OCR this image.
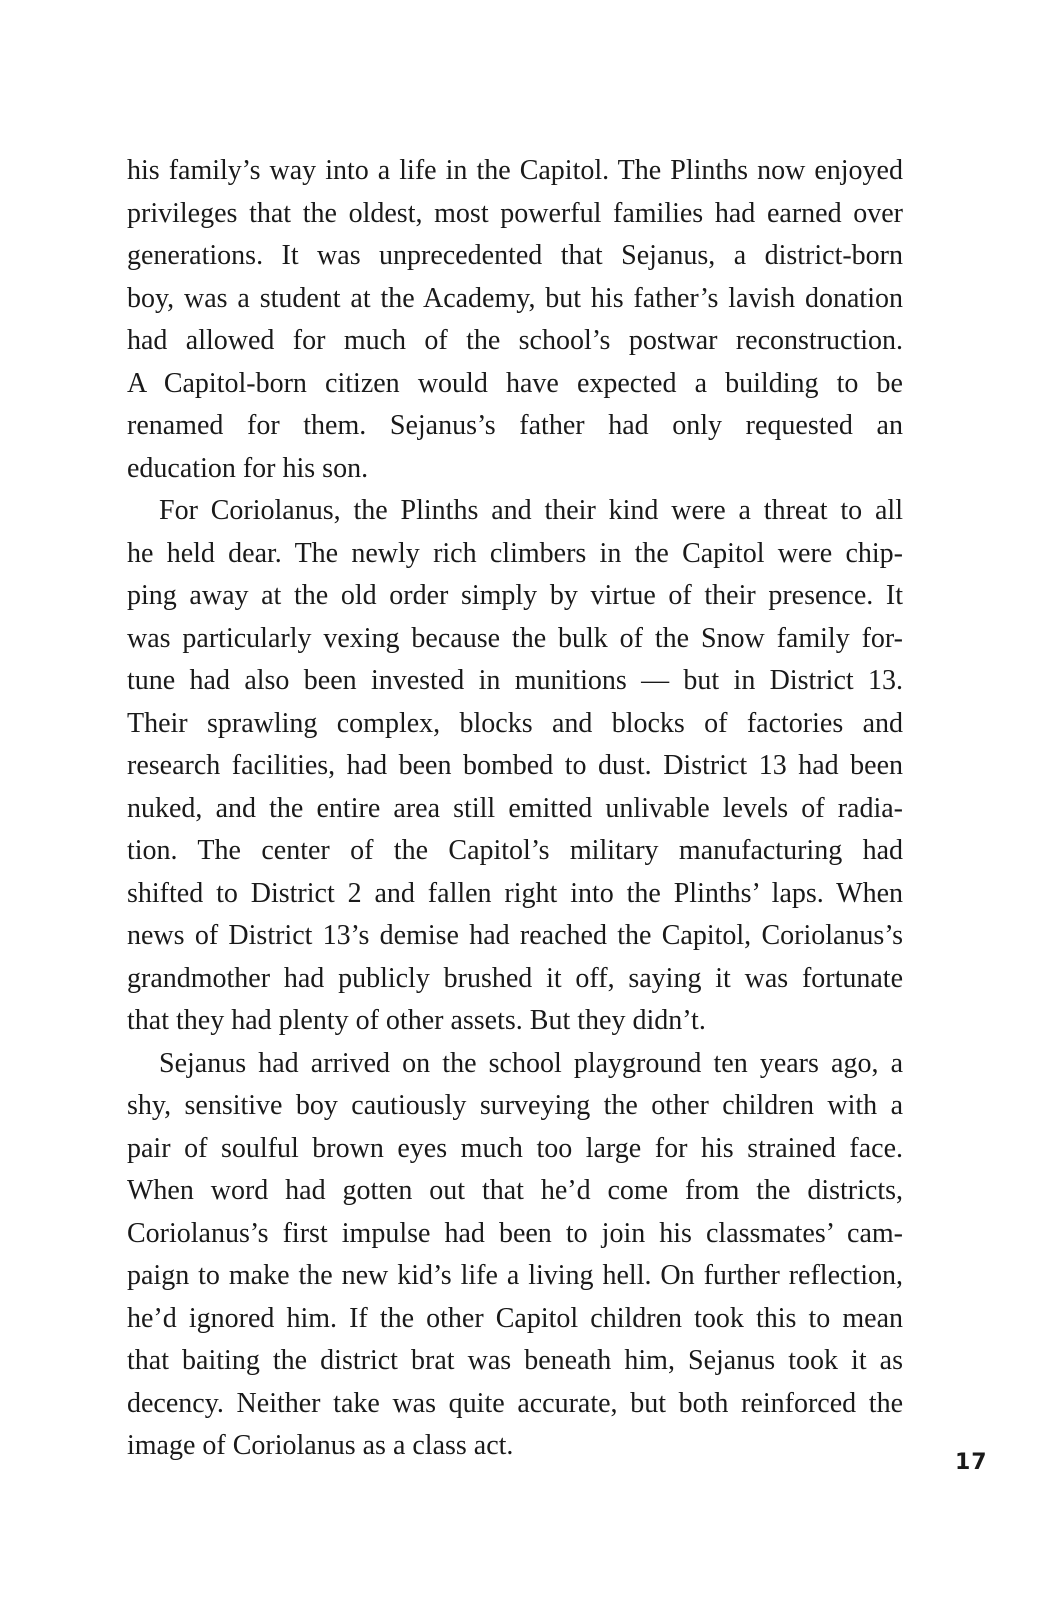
his family’s way into a life in the Capitol. The Plinths now enjoyed
privileges that the oldest, most powerful families had earned over
generations. It was unprecedented that Sejanus, a district-born
boy, was a student at the Academy, but his father’s lavish donation
had allowed for much of the school’s postwar reconstruction.
A Capitol-born citizen would have expected a building to be
renamed for them. Sejanus’s father had only requested an
education for his son.
For Coriolanus, the Plinths and their kind were a threat to all
he held dear. The newly rich climbers in the Capitol were chip-
ping away at the old order simply by virtue of their presence. It
was particularly vexing because the bulk of the Snow family for-
tune had also been invested in munitions — but in District 13.
Their sprawling complex, blocks and blocks of factories and
research facilities, had been bombed to dust. District 13 had been
nuked, and the entire area still emitted unlivable levels of radia-
tion. The center of the Capitol’s military manufacturing had
shifted to District 2 and fallen right into the Plinths’ laps. When
news of District 13’s demise had reached the Capitol, Coriolanus’s
grandmother had publicly brushed it off, saying it was fortunate
that they had plenty of other assets. But they didn’t.
Sejanus had arrived on the school playground ten years ago, a
shy, sensitive boy cautiously surveying the other children with a
pair of soulful brown eyes much too large for his strained face.
When word had gotten out that he’d come from the districts,
Coriolanus’s first impulse had been to join his classmates’ cam-
paign to make the new kid’s life a living hell. On further reflection,
he’d ignored him. If the other Capitol children took this to mean
that baiting the district brat was beneath him, Sejanus took it as
decency. Neither take was quite accurate, but both reinforced the
image of Coriolanus as a class act.
17
